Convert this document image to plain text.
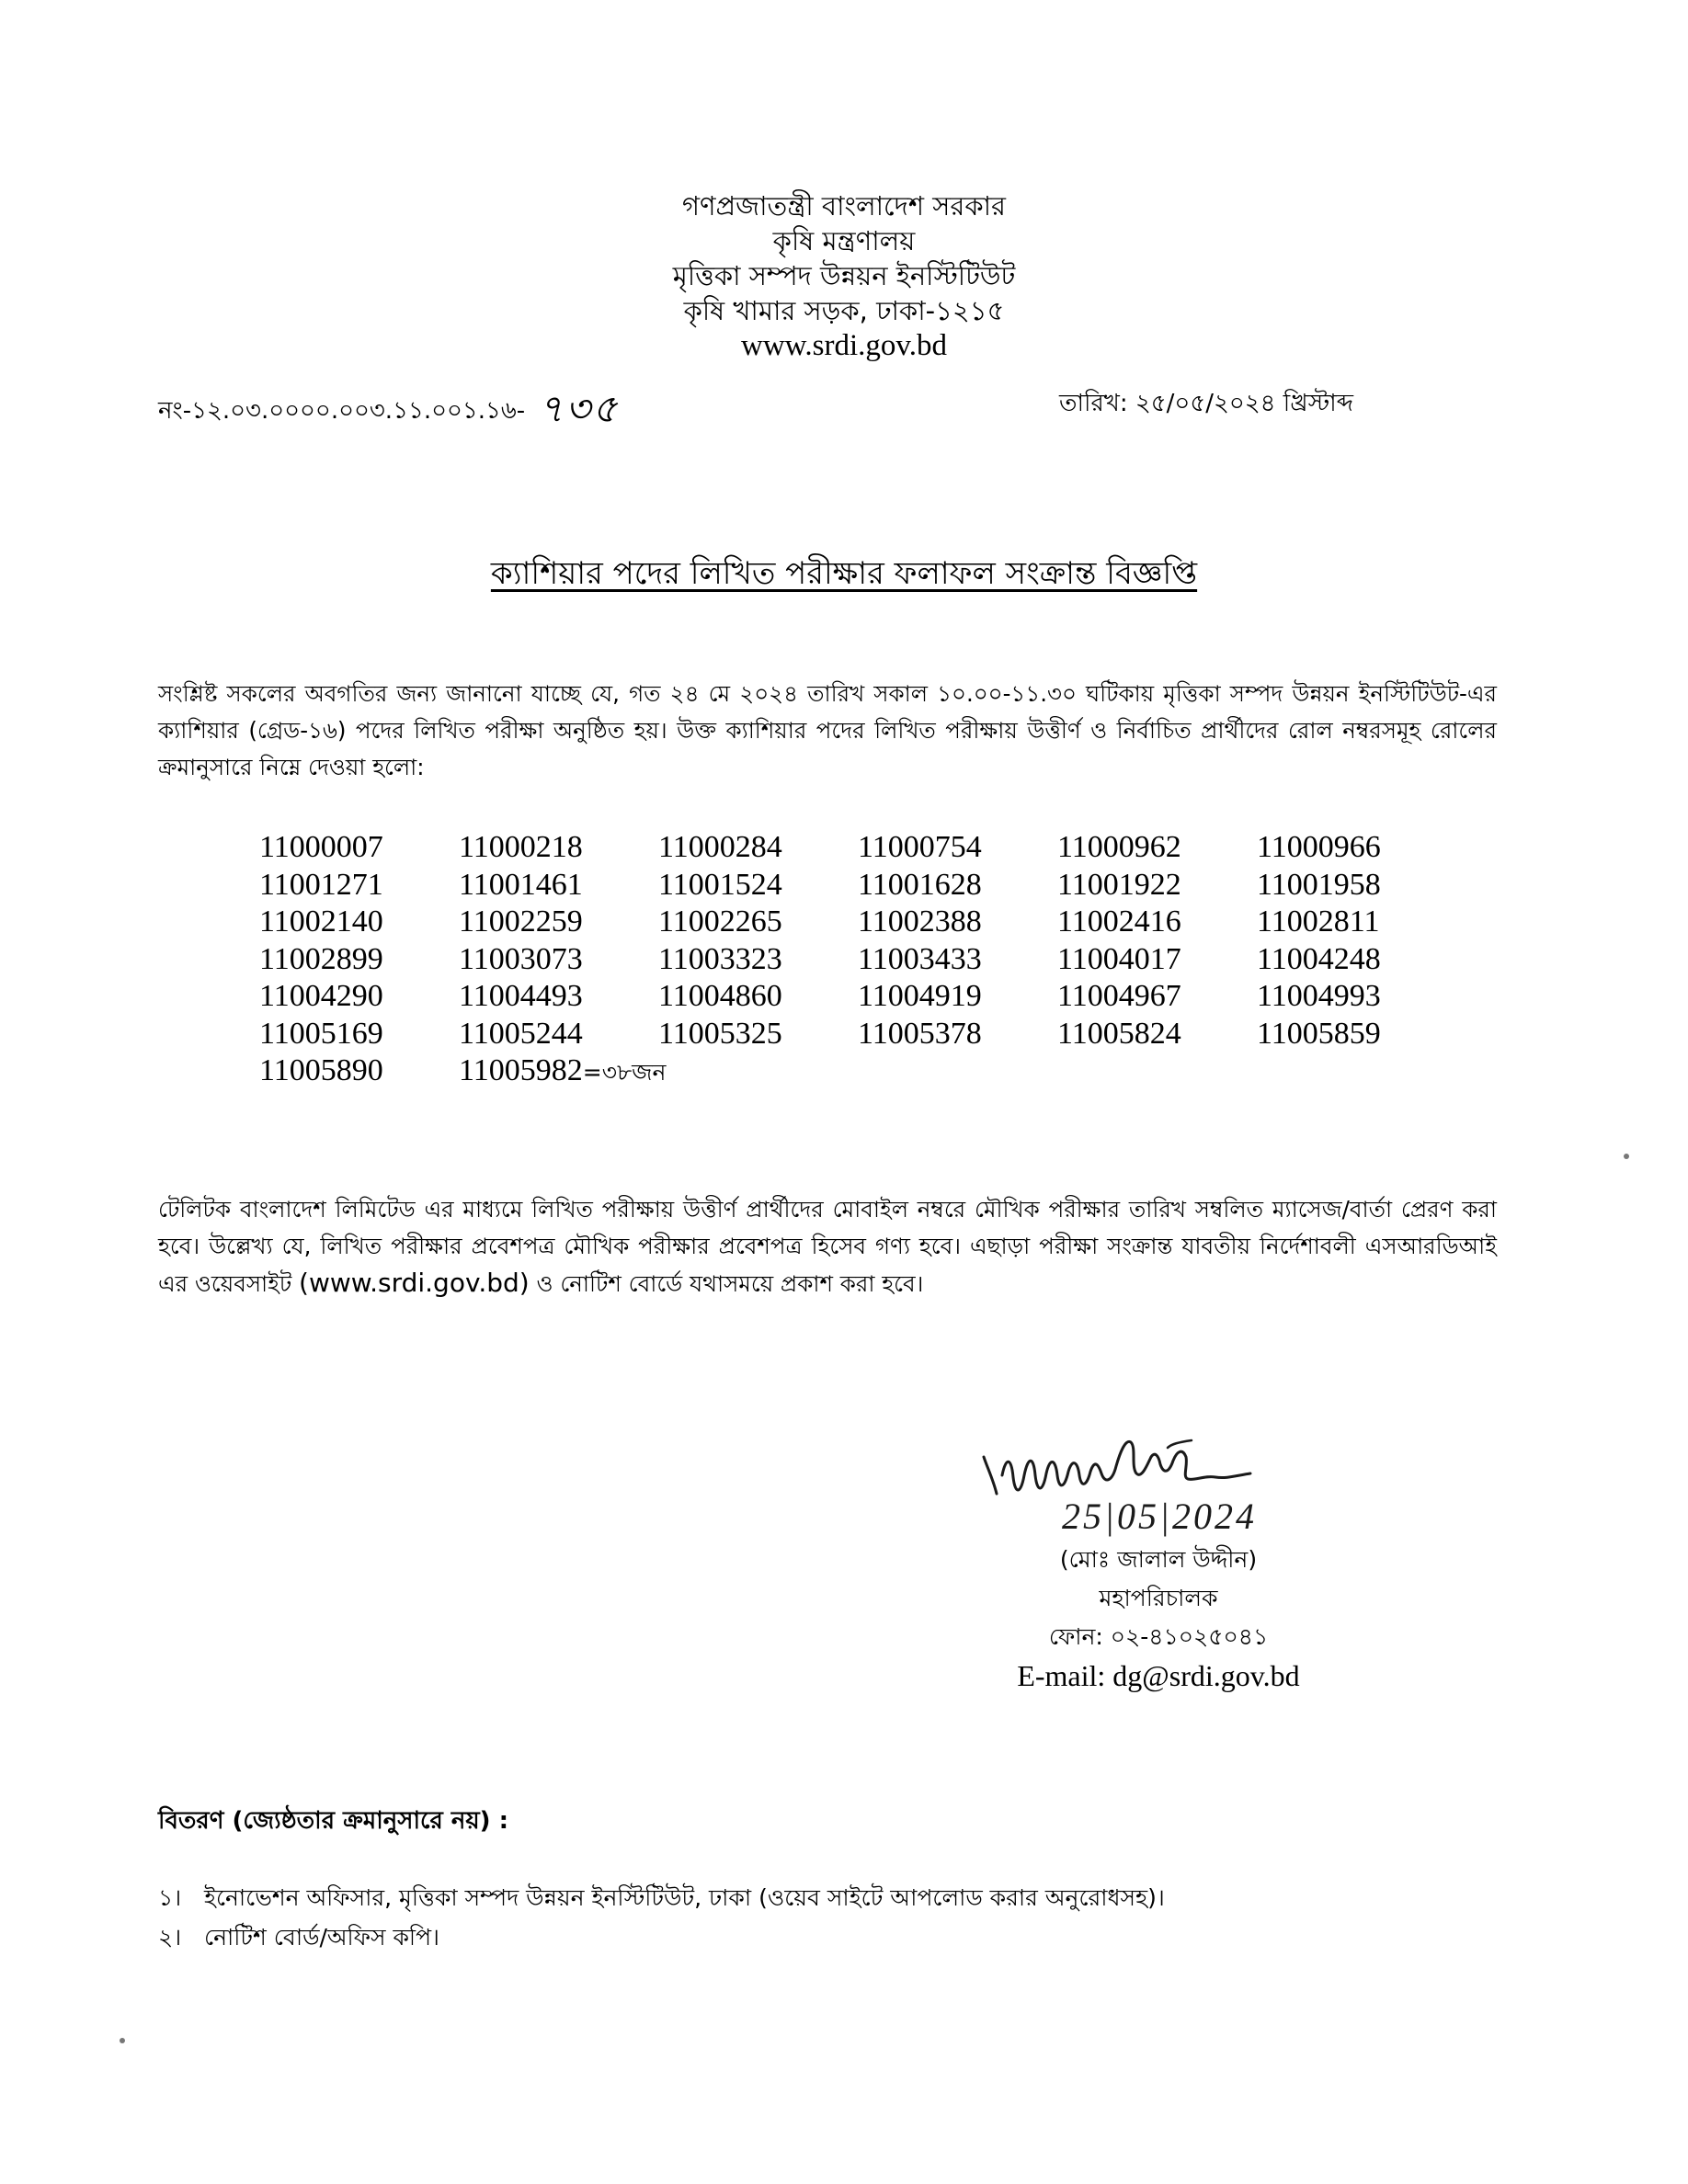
গণপ্রজাতন্ত্রী বাংলাদেশ সরকার
কৃষি মন্ত্রণালয়
মৃত্তিকা সম্পদ উন্নয়ন ইনস্টিটিউট
কৃষি খামার সড়ক, ঢাকা-১২১৫
www.srdi.gov.bd
নং-১২.০৩.০০০০.০০৩.১১.০০১.১৬- ৭৩৫	তারিখ: ২৫/০৫/২০২৪ খ্রিস্টাব্দ
ক্যাশিয়ার পদের লিখিত পরীক্ষার ফলাফল সংক্রান্ত বিজ্ঞপ্তি
সংশ্লিষ্ট সকলের অবগতির জন্য জানানো যাচ্ছে যে, গত ২৪ মে ২০২৪ তারিখ সকাল ১০.০০-১১.৩০ ঘটিকায় মৃত্তিকা সম্পদ উন্নয়ন ইনস্টিটিউট-এর ক্যাশিয়ার (গ্রেড-১৬) পদের লিখিত পরীক্ষা অনুষ্ঠিত হয়। উক্ত ক্যাশিয়ার পদের লিখিত পরীক্ষায় উত্তীর্ণ ও নির্বাচিত প্রার্থীদের রোল নম্বরসমূহ রোলের ক্রমানুসারে নিম্নে দেওয়া হলো:
11000007	11000218	11000284	11000754	11000962	11000966
11001271	11001461	11001524	11001628	11001922	11001958
11002140	11002259	11002265	11002388	11002416	11002811
11002899	11003073	11003323	11003433	11004017	11004248
11004290	11004493	11004860	11004919	11004967	11004993
11005169	11005244	11005325	11005378	11005824	11005859
11005890	11005982=৩৮জন
টেলিটক বাংলাদেশ লিমিটেড এর মাধ্যমে লিখিত পরীক্ষায় উত্তীর্ণ প্রার্থীদের মোবাইল নম্বরে মৌখিক পরীক্ষার তারিখ সম্বলিত ম্যাসেজ/বার্তা প্রেরণ করা হবে। উল্লেখ্য যে, লিখিত পরীক্ষার প্রবেশপত্র মৌখিক পরীক্ষার প্রবেশপত্র হিসেব গণ্য হবে। এছাড়া পরীক্ষা সংক্রান্ত যাবতীয় নির্দেশাবলী এসআরডিআই এর ওয়েবসাইট (www.srdi.gov.bd) ও নোটিশ বোর্ডে যথাসময়ে প্রকাশ করা হবে।
25|05|2024
(মোঃ জালাল উদ্দীন)
মহাপরিচালক
ফোন: ০২-৪১০২৫০৪১
E-mail: dg@srdi.gov.bd
বিতরণ (জ্যেষ্ঠতার ক্রমানুসারে নয়) :
১। ইনোভেশন অফিসার, মৃত্তিকা সম্পদ উন্নয়ন ইনস্টিটিউট, ঢাকা (ওয়েব সাইটে আপলোড করার অনুরোধসহ)।
২। নোটিশ বোর্ড/অফিস কপি।
